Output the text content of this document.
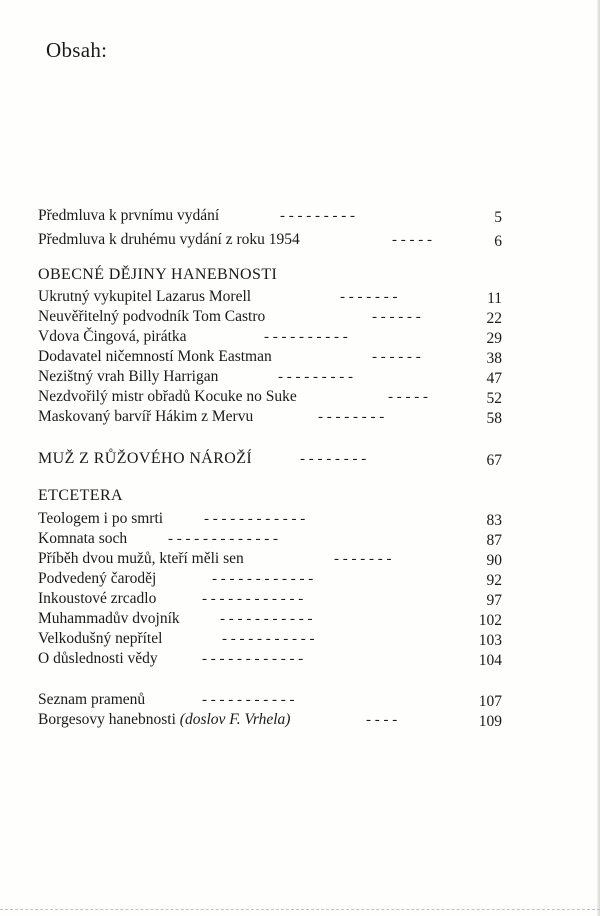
Obsah:
Předmluva k prvnímu vydání	- - - - - - - - -	5
Předmluva k druhému vydání z roku 1954	- - - - -	6
OBECNÉ DĚJINY HANEBNOSTI
Ukrutný vykupitel Lazarus Morell	- - - - - - -	11
Neuvěřitelný podvodník Tom Castro	- - - - - -	22
Vdova Čingová, pirátka	- - - - - - - - - -	29
Dodavatel ničemností Monk Eastman	- - - - - -	38
Nezištný vrah Billy Harrigan	- - - - - - - - -	47
Nezdvořilý mistr obřadů Kocuke no Suke	- - - - -	52
Maskovaný barvíř Hákim z Mervu	- - - - - - - -	58
MUŽ Z RŮŽOVÉHO NÁROŽÍ	- - - - - - - -	67
ETCETERA
Teologem i po smrti	- - - - - - - - - - - -	83
Komnata soch	- - - - - - - - - - - - -	87
Příběh dvou mužů, kteří měli sen	- - - - - - -	90
Podvedený čaroděj	- - - - - - - - - - - -	92
Inkoustové zrcadlo	- - - - - - - - - - - -	97
Muhammadův dvojník	- - - - - - - - - - -	102
Velkodušný nepřítel	- - - - - - - - - - -	103
O důslednosti vědy	- - - - - - - - - - - -	104
Seznam pramenů	- - - - - - - - - - -	107
Borgesovy hanebnosti (doslov F. Vrhela)	- - - -	109
